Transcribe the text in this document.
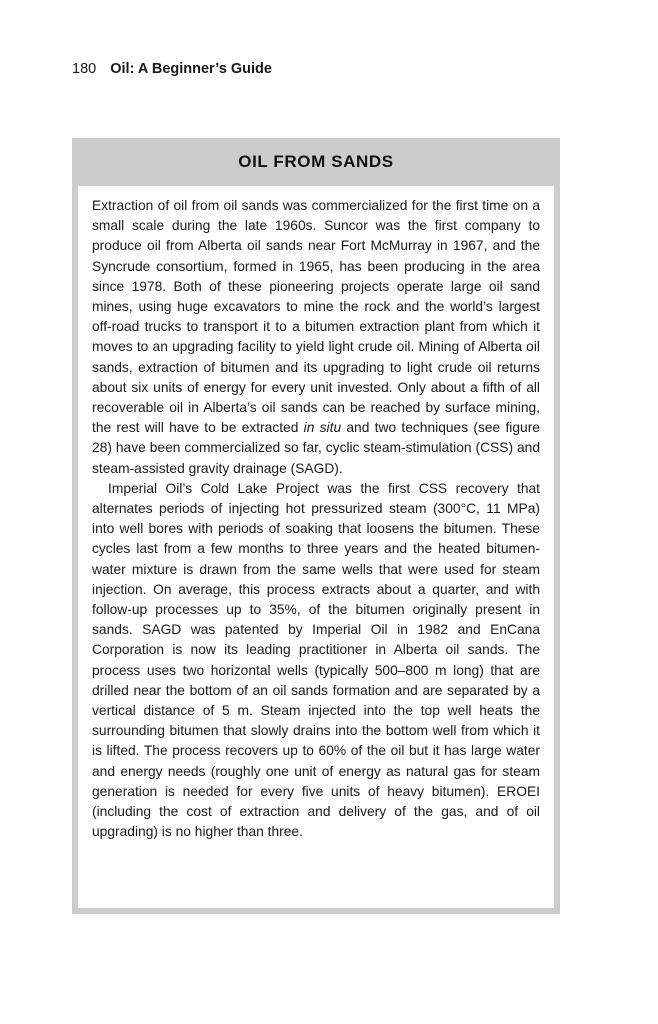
180 Oil: A Beginner’s Guide
OIL FROM SANDS

Extraction of oil from oil sands was commercialized for the first time on a small scale during the late 1960s. Suncor was the first company to produce oil from Alberta oil sands near Fort McMurray in 1967, and the Syncrude consortium, formed in 1965, has been producing in the area since 1978. Both of these pioneering projects operate large oil sand mines, using huge excavators to mine the rock and the world’s largest off-road trucks to transport it to a bitumen extraction plant from which it moves to an upgrading facility to yield light crude oil. Mining of Alberta oil sands, extraction of bitumen and its upgrading to light crude oil returns about six units of energy for every unit invested. Only about a fifth of all recoverable oil in Alberta’s oil sands can be reached by surface mining, the rest will have to be extracted in situ and two techniques (see figure 28) have been commercialized so far, cyclic steam-stimulation (CSS) and steam-assisted gravity drainage (SAGD).

Imperial Oil’s Cold Lake Project was the first CSS recovery that alternates periods of injecting hot pressurized steam (300°C, 11 MPa) into well bores with periods of soaking that loosens the bitumen. These cycles last from a few months to three years and the heated bitumen-water mixture is drawn from the same wells that were used for steam injection. On average, this process extracts about a quarter, and with follow-up processes up to 35%, of the bitumen originally present in sands. SAGD was patented by Imperial Oil in 1982 and EnCana Corporation is now its leading practitioner in Alberta oil sands. The process uses two horizontal wells (typically 500–800 m long) that are drilled near the bottom of an oil sands formation and are separated by a vertical distance of 5 m. Steam injected into the top well heats the surrounding bitumen that slowly drains into the bottom well from which it is lifted. The process recovers up to 60% of the oil but it has large water and energy needs (roughly one unit of energy as natural gas for steam generation is needed for every five units of heavy bitumen). EROEI (including the cost of extraction and delivery of the gas, and of oil upgrading) is no higher than three.
